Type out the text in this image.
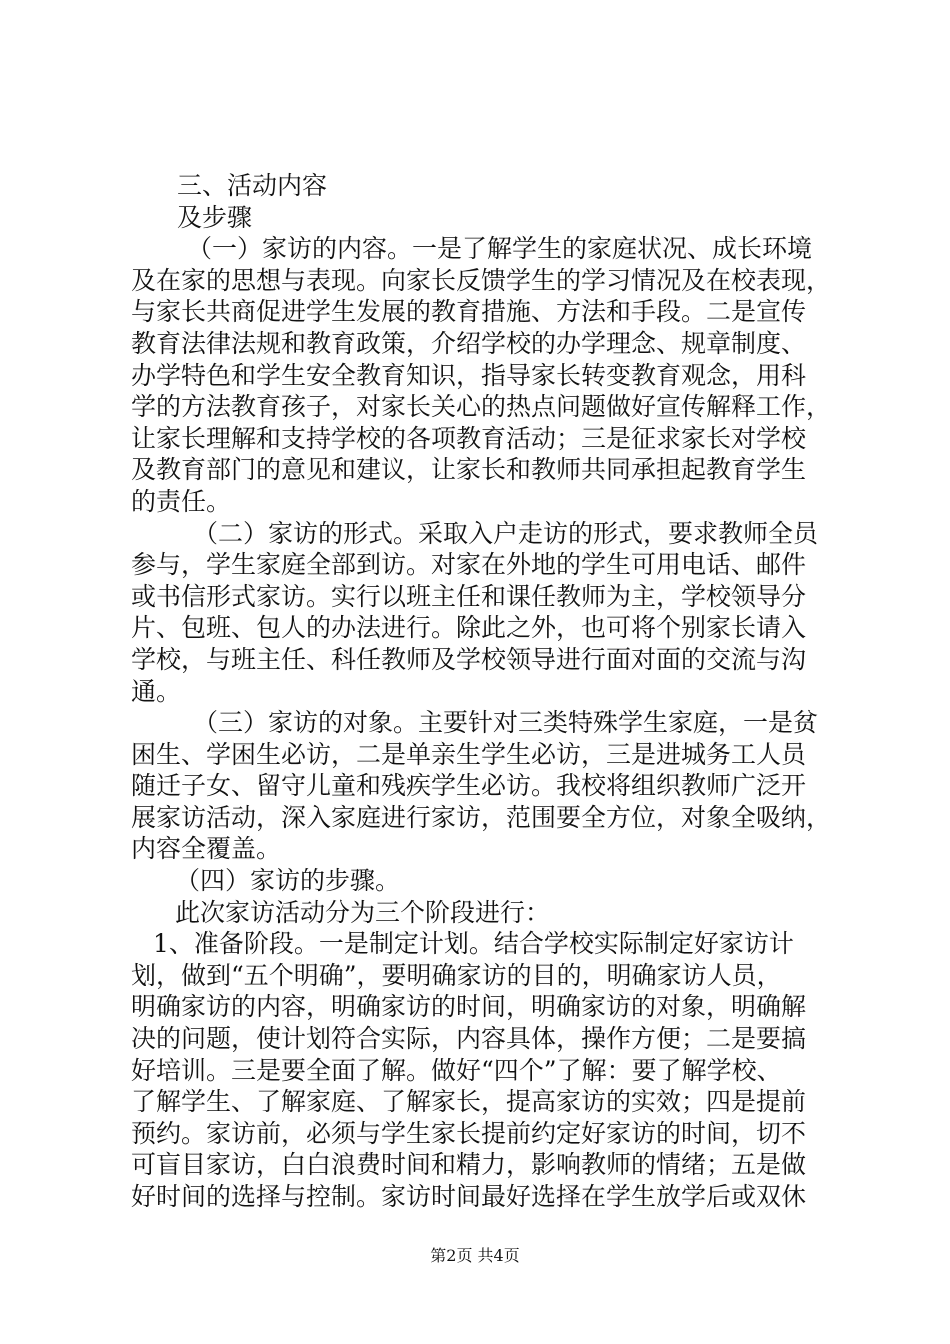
三、活动内容
及步骤
（一）家访的内容。一是了解学生的家庭状况、成长环境
及在家的思想与表现。向家长反馈学生的学习情况及在校表现，
与家长共商促进学生发展的教育措施、方法和手段。二是宣传
教育法律法规和教育政策，介绍学校的办学理念、规章制度、
办学特色和学生安全教育知识，指导家长转变教育观念，用科
学的方法教育孩子，对家长关心的热点问题做好宣传解释工作，
让家长理解和支持学校的各项教育活动；三是征求家长对学校
及教育部门的意见和建议，让家长和教师共同承担起教育学生
的责任。
（二）家访的形式。采取入户走访的形式，要求教师全员
参与，学生家庭全部到访。对家在外地的学生可用电话、邮件
或书信形式家访。实行以班主任和课任教师为主，学校领导分
片、包班、包人的办法进行。除此之外，也可将个别家长请入
学校，与班主任、科任教师及学校领导进行面对面的交流与沟
通。
（三）家访的对象。主要针对三类特殊学生家庭，一是贫
困生、学困生必访，二是单亲生学生必访，三是进城务工人员
随迁子女、留守儿童和残疾学生必访。我校将组织教师广泛开
展家访活动，深入家庭进行家访，范围要全方位，对象全吸纳，
内容全覆盖。
（四）家访的步骤。
此次家访活动分为三个阶段进行：
1、准备阶段。一是制定计划。结合学校实际制定好家访计
划，做到“五个明确”，要明确家访的目的，明确家访人员，
明确家访的内容，明确家访的时间，明确家访的对象，明确解
决的问题，使计划符合实际，内容具体，操作方便；二是要搞
好培训。三是要全面了解。做好“四个”了解：要了解学校、
了解学生、了解家庭、了解家长，提高家访的实效；四是提前
预约。家访前，必须与学生家长提前约定好家访的时间，切不
可盲目家访，白白浪费时间和精力，影响教师的情绪；五是做
好时间的选择与控制。家访时间最好选择在学生放学后或双休
第2页 共4页
